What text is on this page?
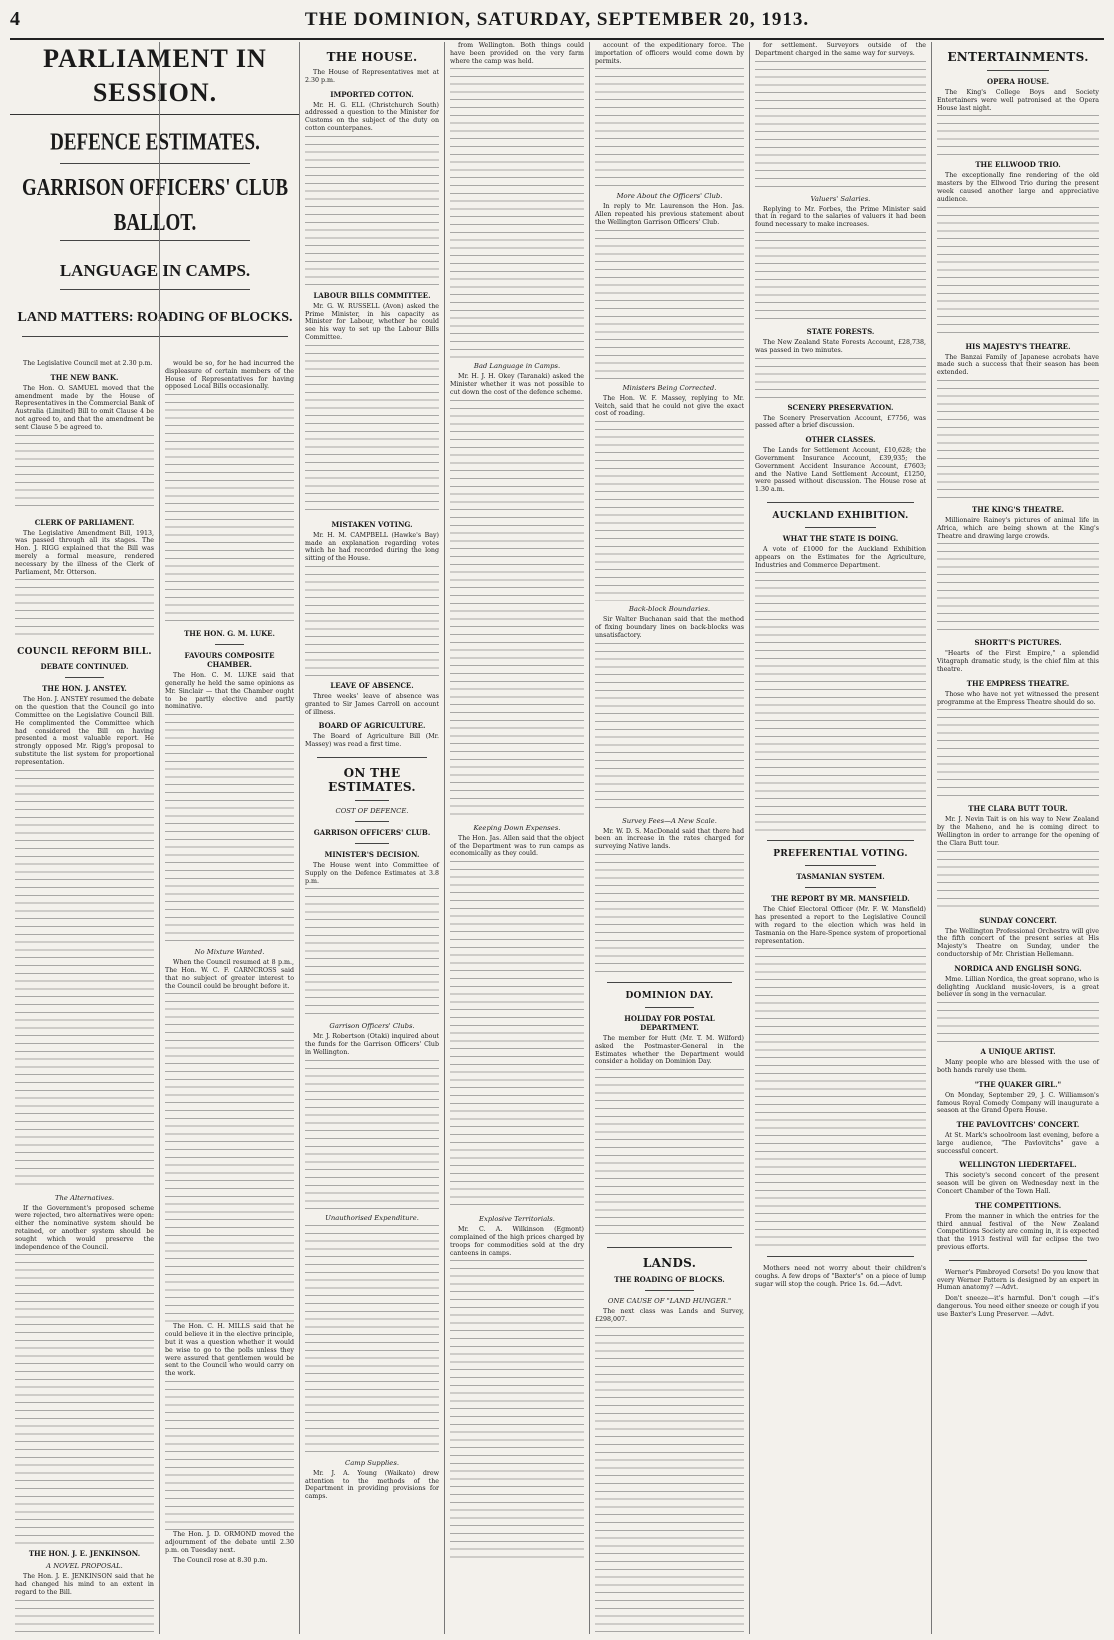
4	THE DOMINION, SATURDAY, SEPTEMBER 20, 1913.
PARLIAMENT IN SESSION.
DEFENCE ESTIMATES.
GARRISON OFFICERS' CLUB BALLOT.
LANGUAGE IN CAMPS.
LAND MATTERS: ROADING OF BLOCKS.

The Legislative Council met at 2.30 p.m.

THE NEW BANK.

The Hon. O. SAMUEL moved that the amendment made by the House of Representatives in the Commercial Bank of Australia (Limited) Bill to omit Clause 4 be not agreed to, and that the amendment be sent Clause 5 be agreed to.

CLERK OF PARLIAMENT.

The Legislative Amendment Bill, 1913, was passed through all its stages. The Hon. J. RIGG explained that the Bill was merely a formal measure, rendered necessary by the illness of the Clerk of Parliament, Mr. Otterson.

COUNCIL REFORM BILL.
DEBATE CONTINUED.
THE HON. J. ANSTEY.

The Hon. J. ANSTEY resumed the debate on the question that the Council go into Committee on the Legislative Council Bill. He complimented the Committee which had considered the Bill on having presented a most valuable report. He strongly opposed Mr. Rigg's proposal to substitute the list system for proportional representation.

The Alternatives.

If the Government's proposed scheme were rejected, two alternatives were open: either the nominative system should be retained, or another system should be sought which would preserve the independence of the Council.

THE HON. J. E. JENKINSON.
A NOVEL PROPOSAL.

The Hon. J. E. JENKINSON said that he had changed his mind to an extent in regard to the Bill.

would be so, for he had incurred the displeasure of certain members of the House of Representatives for having opposed Local Bills occasionally.

THE HON. G. M. LUKE.
FAVOURS COMPOSITE CHAMBER.

The Hon. C. M. LUKE said that generally he held the same opinions as Mr. Sinclair — that the Chamber ought to be partly elective and partly nominative.

No Mixture Wanted.

When the Council resumed at 8 p.m., The Hon. W. C. F. CARNCROSS said that no subject of greater interest to the Council could be brought before it.

The Hon. C. H. MILLS said that he could believe it in the elective principle, but it was a question whether it would be wise to go to the polls unless they were assured that gentlemen would be sent to the Council who would carry on the work.

The Hon. J. D. ORMOND moved the adjournment of the debate until 2.30 p.m. on Tuesday next.

The Council rose at 8.30 p.m.

THE HOUSE.

The House of Representatives met at 2.30 p.m.

IMPORTED COTTON.

Mr. H. G. ELL (Christchurch South) addressed a question to the Minister for Customs on the subject of the duty on cotton counterpanes.

LABOUR BILLS COMMITTEE.

Mr. G. W. RUSSELL (Avon) asked the Prime Minister, in his capacity as Minister for Labour, whether he could see his way to set up the Labour Bills Committee.

MISTAKEN VOTING.

Mr. H. M. CAMPBELL (Hawke's Bay) made an explanation regarding votes which he had recorded during the long sitting of the House.

LEAVE OF ABSENCE.

Three weeks' leave of absence was granted to Sir James Carroll on account of illness.

BOARD OF AGRICULTURE.

The Board of Agriculture Bill (Mr. Massey) was read a first time.

ON THE ESTIMATES.
COST OF DEFENCE.
GARRISON OFFICERS' CLUB.
MINISTER'S DECISION.

The House went into Committee of Supply on the Defence Estimates at 3.8 p.m.

Garrison Officers' Clubs.

Mr. J. Robertson (Otaki) inquired about the funds for the Garrison Officers' Club in Wellington.

Unauthorised Expenditure.
Camp Supplies.

Mr. J. A. Young (Waikato) drew attention to the methods of the Department in providing provisions for camps.

from Wellington. Both things could have been provided on the very farm where the camp was held.

Bad Language in Camps.

Mr. H. J. H. Okey (Taranaki) asked the Minister whether it was not possible to cut down the cost of the defence scheme.

Keeping Down Expenses.

The Hon. Jas. Allen said that the object of the Department was to run camps as economically as they could.

Explosive Territorials.

Mr. C. A. Wilkinson (Egmont) complained of the high prices charged by troops for commodities sold at the dry canteens in camps.

account of the expeditionary force. The importation of officers would come down by permits.

More About the Officers' Club.

In reply to Mr. Laurenson the Hon. Jas. Allen repeated his previous statement about the Wellington Garrison Officers' Club.

Ministers Being Corrected.

The Hon. W. F. Massey, replying to Mr. Veitch, said that he could not give the exact cost of roading.

Back-block Boundaries.

Sir Walter Buchanan said that the method of fixing boundary lines on back-blocks was unsatisfactory.

Survey Fees—A New Scale.

Mr. W. D. S. MacDonald said that there had been an increase in the rates charged for surveying Native lands.

DOMINION DAY.
HOLIDAY FOR POSTAL DEPARTMENT.

The member for Hutt (Mr. T. M. Wilford) asked the Postmaster-General in the Estimates whether the Department would consider a holiday on Dominion Day.

LANDS.
THE ROADING OF BLOCKS.
ONE CAUSE OF "LAND HUNGER."

The next class was Lands and Survey, £298,007.

for settlement. Surveyors outside of the Department charged in the same way for surveys.

Valuers' Salaries.

Replying to Mr. Forbes, the Prime Minister said that in regard to the salaries of valuers it had been found necessary to make increases.

STATE FORESTS.

The New Zealand State Forests Account, £28,738, was passed in two minutes.

SCENERY PRESERVATION.

The Scenery Preservation Account, £7756, was passed after a brief discussion.

OTHER CLASSES.

The Lands for Settlement Account, £10,628; the Government Insurance Account, £39,935; the Government Accident Insurance Account, £7603; and the Native Land Settlement Account, £1250, were passed without discussion. The House rose at 1.30 a.m.

AUCKLAND EXHIBITION.
WHAT THE STATE IS DOING.

A vote of £1000 for the Auckland Exhibition appears on the Estimates for the Agriculture, Industries and Commerce Department.

PREFERENTIAL VOTING.
TASMANIAN SYSTEM.
THE REPORT BY MR. MANSFIELD.

The Chief Electoral Officer (Mr. F. W. Mansfield) has presented a report to the Legislative Council with regard to the election which was held in Tasmania on the Hare-Spence system of proportional representation.

Mothers need not worry about their children's coughs. A few drops of "Baxter's" on a piece of lump sugar will stop the cough. Price 1s. 6d.—Advt.

ENTERTAINMENTS.
OPERA HOUSE.

The King's College Boys and Society Entertainers were well patronised at the Opera House last night.

THE ELLWOOD TRIO.

The exceptionally fine rendering of the old masters by the Ellwood Trio during the present week caused another large and appreciative audience.

HIS MAJESTY'S THEATRE.

The Banzai Family of Japanese acrobats have made such a success that their season has been extended.

THE KING'S THEATRE.

Millionaire Rainey's pictures of animal life in Africa, which are being shown at the King's Theatre and drawing large crowds.

SHORTT'S PICTURES.

"Hearts of the First Empire," a splendid Vitagraph dramatic study, is the chief film at this theatre.

THE EMPRESS THEATRE.

Those who have not yet witnessed the present programme at the Empress Theatre should do so.

THE CLARA BUTT TOUR.

Mr. J. Nevin Tait is on his way to New Zealand by the Maheno, and he is coming direct to Wellington in order to arrange for the opening of the Clara Butt tour.

SUNDAY CONCERT.

The Wellington Professional Orchestra will give the fifth concert of the present series at His Majesty's Theatre on Sunday, under the conductorship of Mr. Christian Hellemann.

NORDICA AND ENGLISH SONG.

Mme. Lillian Nordica, the great soprano, who is delighting Auckland music-lovers, is a great believer in song in the vernacular.

A UNIQUE ARTIST.

Many people who are blessed with the use of both hands rarely use them.

"THE QUAKER GIRL."

On Monday, September 29, J. C. Williamson's famous Royal Comedy Company will inaugurate a season at the Grand Opera House.

THE PAVLOVITCHS' CONCERT.

At St. Mark's schoolroom last evening, before a large audience, "The Pavlovitchs" gave a successful concert.

WELLINGTON LIEDERTAFEL.

This society's second concert of the present season will be given on Wednesday next in the Concert Chamber of the Town Hall.

THE COMPETITIONS.

From the manner in which the entries for the third annual festival of the New Zealand Competitions Society are coming in, it is expected that the 1913 festival will far eclipse the two previous efforts.

Werner's Pimbroyed Corsets! Do you know that every Werner Pattern is designed by an expert in Human anatomy? —Advt.

Don't sneeze—it's harmful. Don't cough —it's dangerous. You need either sneeze or cough if you use Baxter's Lung Preserver. —Advt.
